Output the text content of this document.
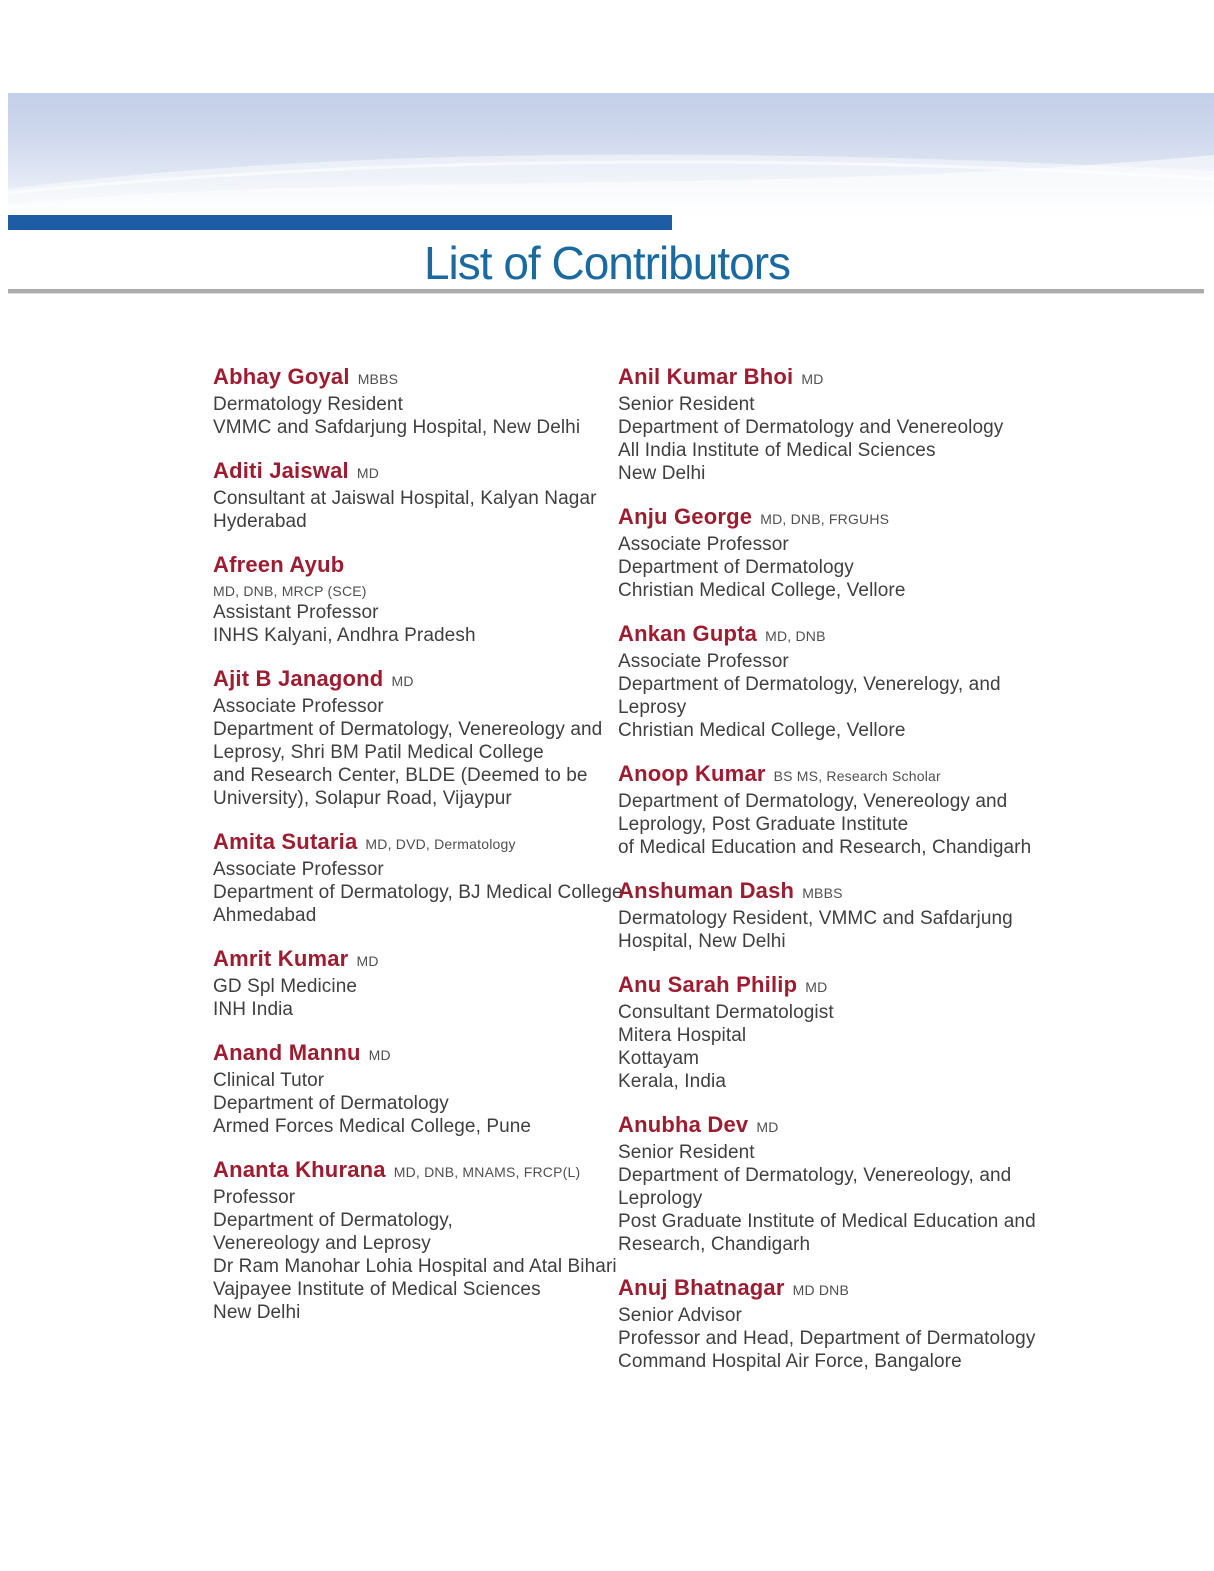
List of Contributors
Abhay Goyal MBBS
Dermatology Resident
VMMC and Safdarjung Hospital, New Delhi
Aditi Jaiswal MD
Consultant at Jaiswal Hospital, Kalyan Nagar
Hyderabad
Afreen Ayub
MD, DNB, MRCP (SCE)
Assistant Professor
INHS Kalyani, Andhra Pradesh
Ajit B Janagond MD
Associate Professor
Department of Dermatology, Venereology and
Leprosy, Shri BM Patil Medical College
and Research Center, BLDE (Deemed to be
University), Solapur Road, Vijaypur
Amita Sutaria MD, DVD, Dermatology
Associate Professor
Department of Dermatology, BJ Medical College
Ahmedabad
Amrit Kumar MD
GD Spl Medicine
INH India
Anand Mannu MD
Clinical Tutor
Department of Dermatology
Armed Forces Medical College, Pune
Ananta Khurana MD, DNB, MNAMS, FRCP(L)
Professor
Department of Dermatology,
Venereology and Leprosy
Dr Ram Manohar Lohia Hospital and Atal Bihari
Vajpayee Institute of Medical Sciences
New Delhi
Anil Kumar Bhoi MD
Senior Resident
Department of Dermatology and Venereology
All India Institute of Medical Sciences
New Delhi
Anju George MD, DNB, FRGUHS
Associate Professor
Department of Dermatology
Christian Medical College, Vellore
Ankan Gupta MD, DNB
Associate Professor
Department of Dermatology, Venerelogy, and
Leprosy
Christian Medical College, Vellore
Anoop Kumar BS MS, Research Scholar
Department of Dermatology, Venereology and
Leprology, Post Graduate Institute
of Medical Education and Research, Chandigarh
Anshuman Dash MBBS
Dermatology Resident, VMMC and Safdarjung
Hospital, New Delhi
Anu Sarah Philip MD
Consultant Dermatologist
Mitera Hospital
Kottayam
Kerala, India
Anubha Dev MD
Senior Resident
Department of Dermatology, Venereology, and
Leprology
Post Graduate Institute of Medical Education and
Research, Chandigarh
Anuj Bhatnagar MD DNB
Senior Advisor
Professor and Head, Department of Dermatology
Command Hospital Air Force, Bangalore
